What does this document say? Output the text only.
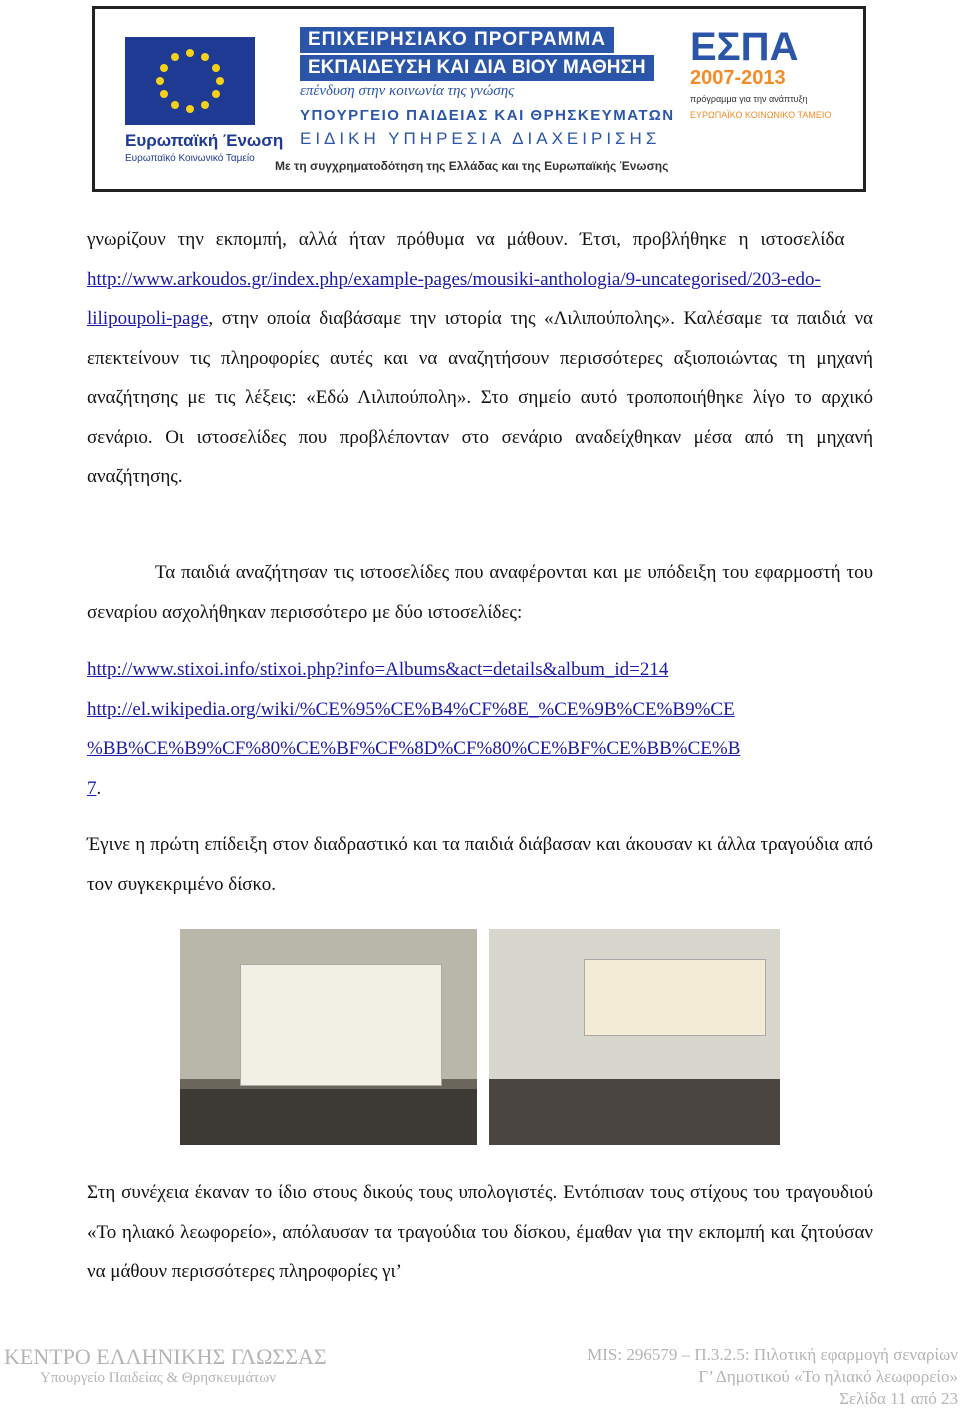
Ευρωπαϊκή Ένωση
Ευρωπαϊκό Κοινωνικό Ταμείο
ΕΠΙΧΕΙΡΗΣΙΑΚΟ ΠΡΟΓΡΑΜΜΑ
ΕΚΠΑΙΔΕΥΣΗ ΚΑΙ ΔΙΑ ΒΙΟΥ ΜΑΘΗΣΗ
επένδυση στην κοινωνία της γνώσης
ΥΠΟΥΡΓΕΙΟ ΠΑΙΔΕΙΑΣ ΚΑΙ ΘΡΗΣΚΕΥΜΑΤΩΝ
ΕΙΔΙΚΗ ΥΠΗΡΕΣΙΑ ΔΙΑΧΕΙΡΙΣΗΣ
Με τη συγχρηματοδότηση της Ελλάδας και της Ευρωπαϊκής Ένωσης
ΕΣΠΑ
2007-2013
πρόγραμμα για την ανάπτυξη
ΕΥΡΩΠΑΪΚΟ ΚΟΙΝΩΝΙΚΟ ΤΑΜΕΙΟ

γνωρίζουν την εκπομπή, αλλά ήταν πρόθυμα να μάθουν. Έτσι, προβλήθηκε η ιστοσελίδα    http://www.arkoudos.gr/index.php/example-pages/mousiki-anthologia/9-uncategorised/203-edo-lilipoupoli-page, στην οποία διαβάσαμε την ιστορία της «Λιλιπούπολης». Καλέσαμε τα παιδιά να επεκτείνουν τις πληροφορίες αυτές και να αναζητήσουν περισσότερες αξιοποιώντας τη μηχανή αναζήτησης με τις λέξεις: «Εδώ Λιλιπούπολη». Στο σημείο αυτό τροποποιήθηκε λίγο το αρχικό σενάριο. Οι ιστοσελίδες που προβλέπονταν στο σενάριο αναδείχθηκαν μέσα από τη μηχανή αναζήτησης.

Τα παιδιά αναζήτησαν τις ιστοσελίδες που αναφέρονται και με υπόδειξη του εφαρμοστή του σεναρίου ασχολήθηκαν περισσότερο με δύο ιστοσελίδες:

http://www.stixoi.info/stixoi.php?info=Albums&act=details&album_id=214
http://el.wikipedia.org/wiki/%CE%95%CE%B4%CF%8E_%CE%9B%CE%B9%CE
%BB%CE%B9%CF%80%CE%BF%CF%8D%CF%80%CE%BF%CE%BB%CE%B
7.

Έγινε η πρώτη επίδειξη στον διαδραστικό και τα παιδιά διάβασαν και άκουσαν κι άλλα τραγούδια από τον συγκεκριμένο δίσκο.

Στη συνέχεια έκαναν το ίδιο στους δικούς τους υπολογιστές. Εντόπισαν τους στίχους του τραγουδιού «Το ηλιακό λεωφορείο», απόλαυσαν τα τραγούδια του δίσκου, έμαθαν για την εκπομπή και ζητούσαν να μάθουν περισσότερες πληροφορίες γι’

ΚΕΝΤΡΟ ΕΛΛΗΝΙΚΗΣ ΓΛΩΣΣΑΣ
Υπουργείο Παιδείας & Θρησκευμάτων
MIS: 296579 – Π.3.2.5: Πιλοτική εφαρμογή σεναρίων
Γ’ Δημοτικού «Το ηλιακό λεωφορείο»
Σελίδα 11 από 23
